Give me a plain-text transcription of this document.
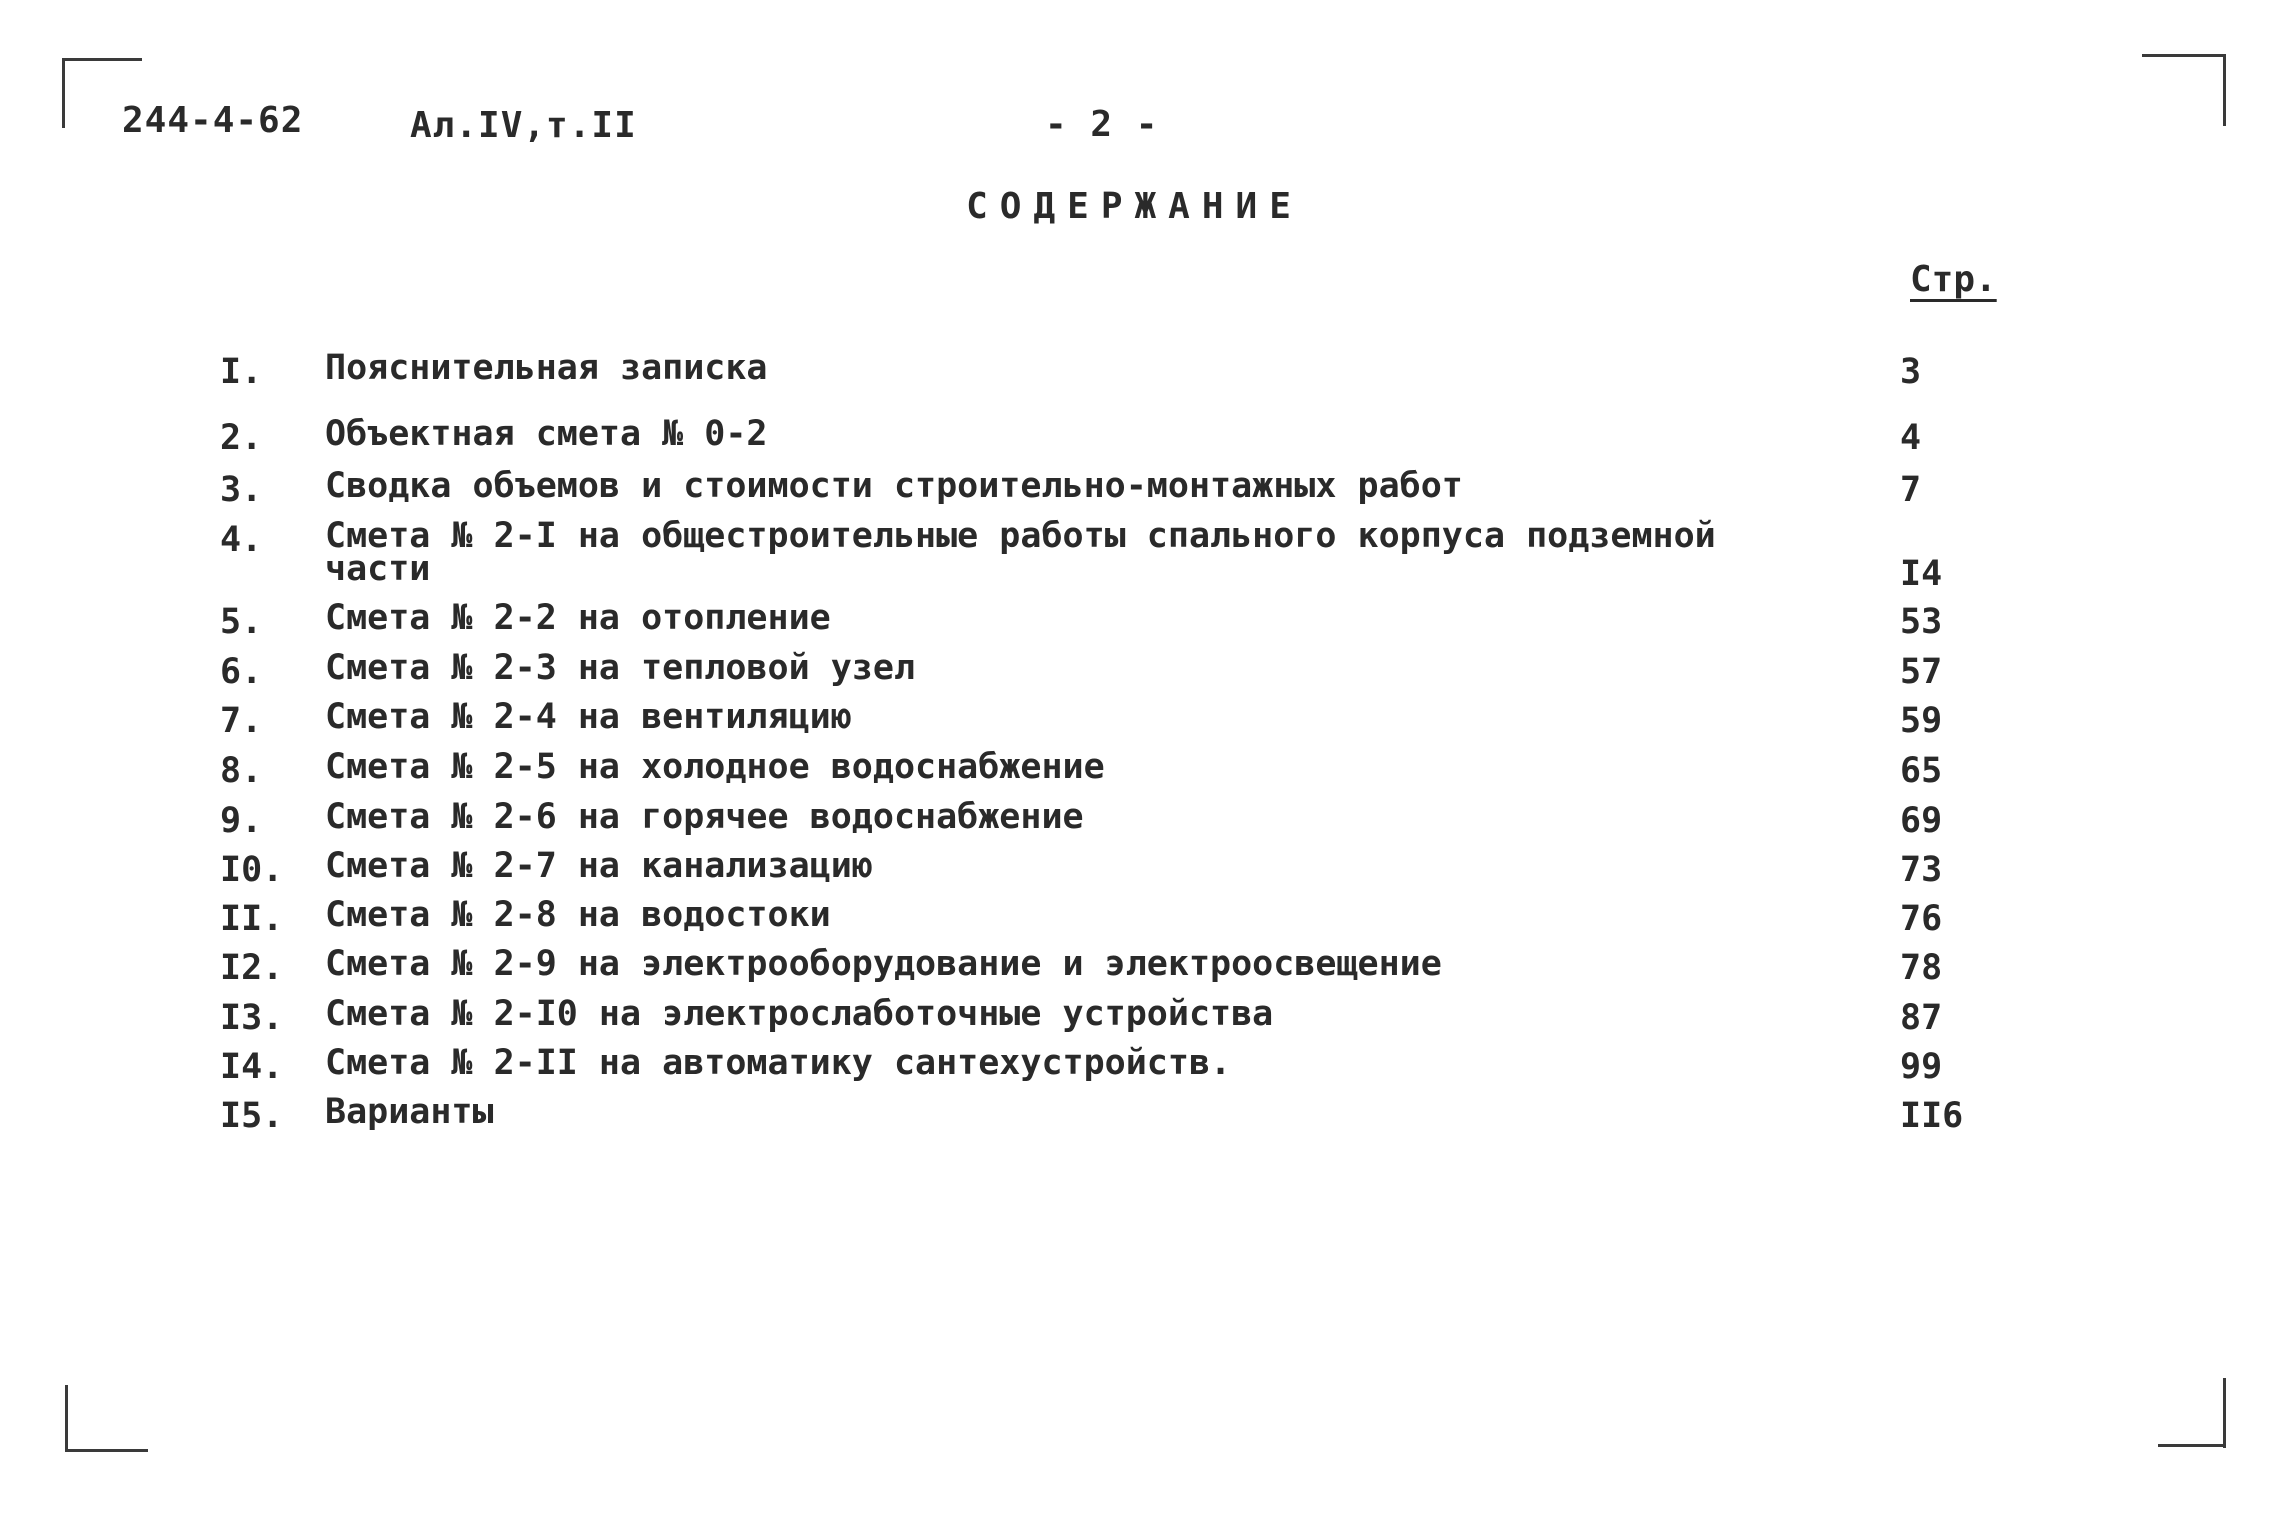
244-4-62	Ал.IV,т.II	- 2 -
СОДЕРЖАНИЕ
Стр.
I. Пояснительная записка	3
2. Объектная смета № 0-2	4
3. Сводка объемов и стоимости строительно-монтажных работ	7
4. Смета № 2-I на общестроительные работы спального корпуса подземной части	I4
5. Смета № 2-2 на отопление	53
6. Смета № 2-3 на тепловой узел	57
7. Смета № 2-4 на вентиляцию	59
8. Смета № 2-5 на холодное водоснабжение	65
9. Смета № 2-6 на горячее водоснабжение	69
I0. Смета № 2-7 на канализацию	73
II. Смета № 2-8 на водостоки	76
I2. Смета № 2-9 на электрооборудование и электроосвещение	78
I3. Смета № 2-I0 на электрослаботочные устройства	87
I4. Смета № 2-II на автоматику сантехустройств.	99
I5. Варианты	II6
